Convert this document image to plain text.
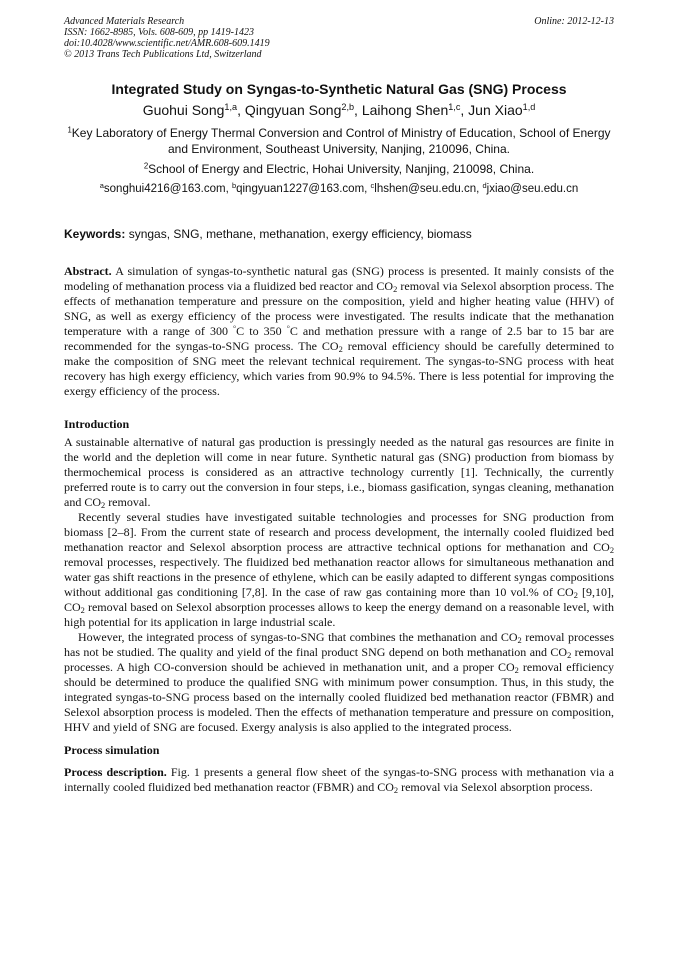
Advanced Materials Research
ISSN: 1662-8985, Vols. 608-609, pp 1419-1423
doi:10.4028/www.scientific.net/AMR.608-609.1419
© 2013 Trans Tech Publications Ltd, Switzerland
Online: 2012-12-13
Integrated Study on Syngas-to-Synthetic Natural Gas (SNG) Process
Guohui Song$^{1,a}$, Qingyuan Song$^{2,b}$, Laihong Shen$^{1,c}$, Jun Xiao$^{1,d}$
$^1$Key Laboratory of Energy Thermal Conversion and Control of Ministry of Education, School of Energy and Environment, Southeast University, Nanjing, 210096, China.
$^2$School of Energy and Electric, Hohai University, Nanjing, 210098, China.
$^a$songhui4216@163.com, $^b$qingyuan1227@163.com, $^c$lhshen@seu.edu.cn, $^d$jxiao@seu.edu.cn
Keywords: syngas, SNG, methane, methanation, exergy efficiency, biomass
Abstract. A simulation of syngas-to-synthetic natural gas (SNG) process is presented. It mainly consists of the modeling of methanation process via a fluidized bed reactor and $CO_2$ removal via Selexol absorption process. The effects of methanation temperature and pressure on the composition, yield and higher heating value (HHV) of SNG, as well as exergy efficiency of the process were investigated. The results indicate that the methanation temperature with a range of 300 °C to 350 °C and methation pressure with a range of 2.5 bar to 15 bar are recommended for the syngas-to-SNG process. The $CO_2$ removal efficiency should be carefully determined to make the composition of SNG meet the relevant technical requirement. The syngas-to-SNG process with heat recovery has high exergy efficiency, which varies from 90.9% to 94.5%. There is less potential for improving the exergy efficiency of the process.
Introduction
A sustainable alternative of natural gas production is pressingly needed as the natural gas resources are finite in the world and the depletion will come in near future. Synthetic natural gas (SNG) production from biomass by thermochemical process is considered as an attractive technology currently [1]. Technically, the currently preferred route is to carry out the conversion in four steps, i.e., biomass gasification, syngas cleaning, methanation and $CO_2$ removal.
Recently several studies have investigated suitable technologies and processes for SNG production from biomass [2–8]. From the current state of research and process development, the internally cooled fluidized bed methanation reactor and Selexol absorption process are attractive technical options for methanation and $CO_2$ removal processes, respectively. The fluidized bed methanation reactor allows for simultaneous methanation and water gas shift reactions in the presence of ethylene, which can be easily adapted to different syngas compositions without additional gas conditioning [7,8]. In the case of raw gas containing more than 10 vol.% of $CO_2$ [9,10], $CO_2$ removal based on Selexol absorption processes allows to keep the energy demand on a reasonable level, with high potential for its application in large industrial scale.
However, the integrated process of syngas-to-SNG that combines the methanation and $CO_2$ removal processes has not be studied. The quality and yield of the final product SNG depend on both methanation and $CO_2$ removal processes. A high CO-conversion should be achieved in methanation unit, and a proper $CO_2$ removal efficiency should be determined to produce the qualified SNG with minimum power consumption. Thus, in this study, the integrated syngas-to-SNG process based on the internally cooled fluidized bed methanation reactor (FBMR) and Selexol absorption process is modeled. Then the effects of methanation temperature and pressure on composition, HHV and yield of SNG are focused. Exergy analysis is also applied to the integrated process.
Process simulation
Process description. Fig. 1 presents a general flow sheet of the syngas-to-SNG process with methanation via a internally cooled fluidized bed methanation reactor (FBMR) and $CO_2$ removal via Selexol absorption process.
